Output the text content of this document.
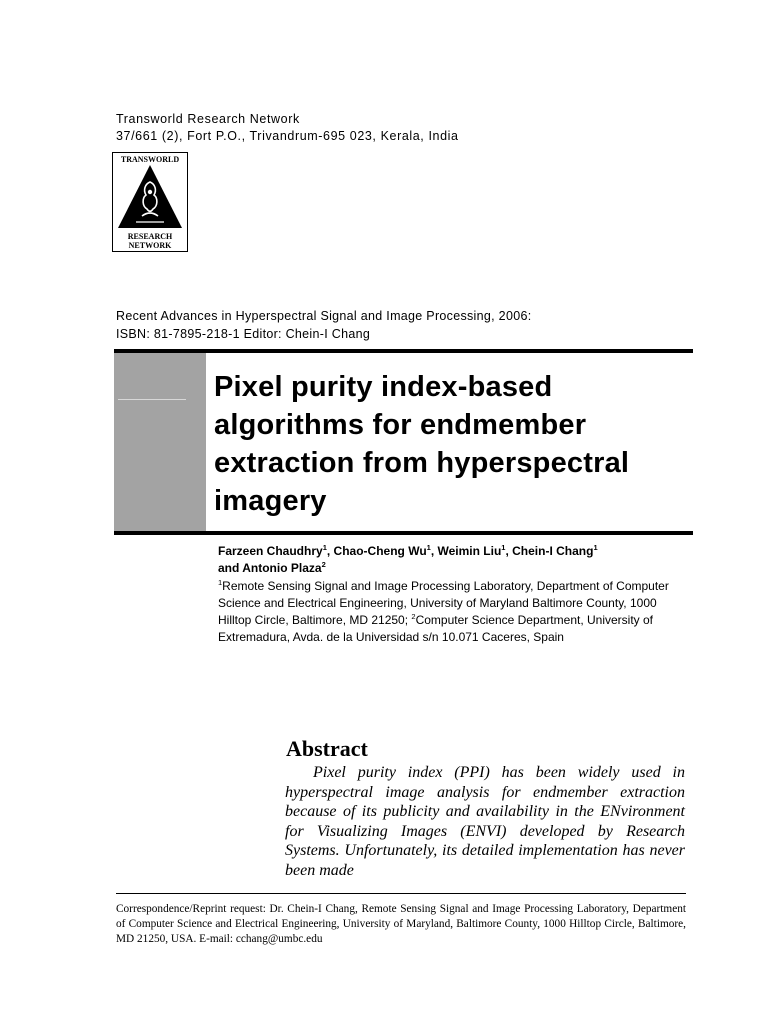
Transworld Research Network
37/661 (2), Fort P.O., Trivandrum-695 023, Kerala, India
TRANSWORLD
RESEARCH
NETWORK
Recent Advances in Hyperspectral Signal and Image Processing, 2006:
ISBN: 81-7895-218-1 Editor: Chein-I Chang
Pixel purity index-based algorithms for endmember extraction from hyperspectral imagery
Farzeen Chaudhry$^1$, Chao-Cheng Wu$^1$, Weimin Liu$^1$, Chein-I Chang$^1$
and Antonio Plaza$^2$
$^1$Remote Sensing Signal and Image Processing Laboratory, Department of Computer Science and Electrical Engineering, University of Maryland Baltimore County, 1000 Hilltop Circle, Baltimore, MD 21250; $^2$Computer Science Department, University of Extremadura, Avda. de la Universidad s/n 10.071 Caceres, Spain
Abstract
Pixel purity index (PPI) has been widely used in hyperspectral image analysis for endmember extraction because of its publicity and availability in the ENvironment for Visualizing Images (ENVI) developed by Research Systems. Unfortunately, its detailed implementation has never been made
Correspondence/Reprint request: Dr. Chein-I Chang, Remote Sensing Signal and Image Processing Laboratory, Department of Computer Science and Electrical Engineering, University of Maryland, Baltimore County, 1000 Hilltop Circle, Baltimore, MD 21250, USA. E-mail: cchang@umbc.edu
